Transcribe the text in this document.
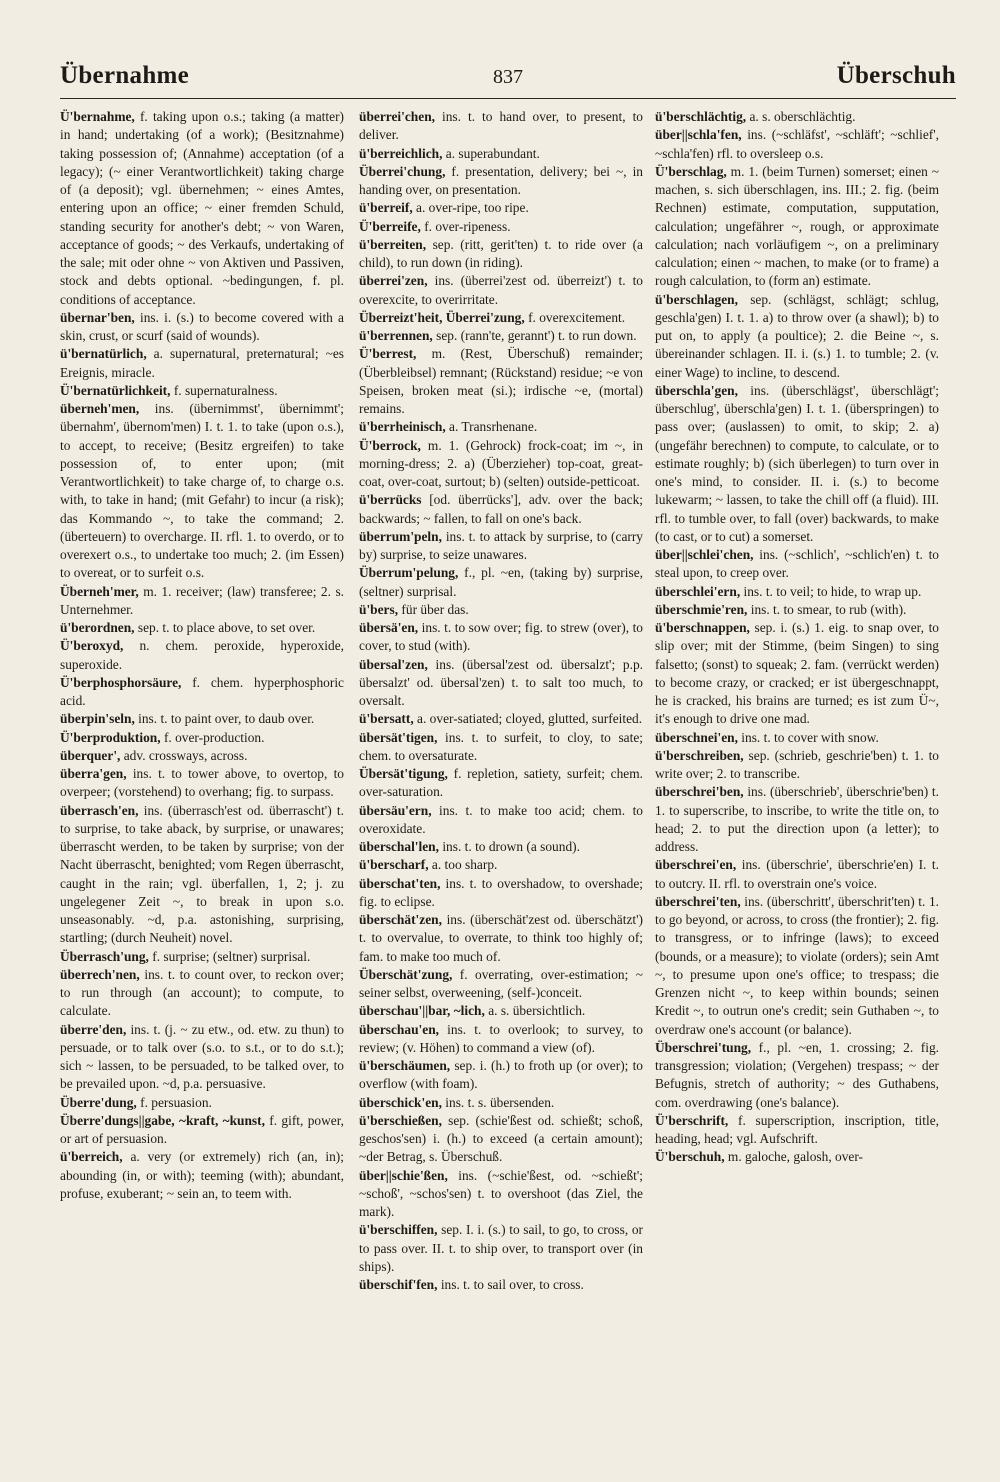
Übernahme	837	Überschuh

Ü'bernahme, f. taking upon o.s.; taking (a matter) in hand; undertaking (of a work); (Besitznahme) taking possession of; (Annahme) acceptation (of a legacy); (~ einer Verantwortlichkeit) taking charge of (a deposit); vgl. übernehmen; ~ eines Amtes, entering upon an office; ~ einer fremden Schuld, standing security for another's debt; ~ von Waren, acceptance of goods; ~ des Verkaufs, undertaking of the sale; mit oder ohne ~ von Aktiven und Passiven, stock and debts optional. ~bedingungen, f. pl. conditions of acceptance.

übernar'ben, ins. i. (s.) to become covered with a skin, crust, or scurf (said of wounds).

ü'bernatürlich, a. supernatural, preternatural; ~es Ereignis, miracle.

Ü'bernatürlichkeit, f. supernaturalness.

überneh'men, ins. (übernimmst', übernimmt'; übernahm', übernom'men) I. t. 1. to take (upon o.s.), to accept, to receive; (Besitz ergreifen) to take possession of, to enter upon; (mit Verantwortlichkeit) to take charge of, to charge o.s. with, to take in hand; (mit Gefahr) to incur (a risk); das Kommando ~, to take the command; 2. (überteuern) to overcharge. II. rfl. 1. to overdo, or to overexert o.s., to undertake too much; 2. (im Essen) to overeat, or to surfeit o.s.

Überneh'mer, m. 1. receiver; (law) transferee; 2. s. Unternehmer.

ü'berordnen, sep. t. to place above, to set over.

Ü'beroxyd, n. chem. peroxide, hyperoxide, superoxide.

Ü'berphosphorsäure, f. chem. hyperphosphoric acid.

überpin'seln, ins. t. to paint over, to daub over.

Ü'berproduktion, f. over-production.

überquer', adv. crossways, across.

überra'gen, ins. t. to tower above, to overtop, to overpeer; (vorstehend) to overhang; fig. to surpass.

überrasch'en, ins. (überrasch'est od. überrascht') t. to surprise, to take aback, by surprise, or unawares; überrascht werden, to be taken by surprise; von der Nacht überrascht, benighted; vom Regen überrascht, caught in the rain; vgl. überfallen, 1, 2; j. zu ungelegener Zeit ~, to break in upon s.o. unseasonably. ~d, p.a. astonishing, surprising, startling; (durch Neuheit) novel.

Überrasch'ung, f. surprise; (seltner) surprisal.

überrech'nen, ins. t. to count over, to reckon over; to run through (an account); to compute, to calculate.

überre'den, ins. t. (j. ~ zu etw., od. etw. zu thun) to persuade, or to talk over (s.o. to s.t., or to do s.t.); sich ~ lassen, to be persuaded, to be talked over, to be prevailed upon. ~d, p.a. persuasive.

Überre'dung, f. persuasion.

Überre'dungs||gabe, ~kraft, ~kunst, f. gift, power, or art of persuasion.

ü'berreich, a. very (or extremely) rich (an, in); abounding (in, or with); teeming (with); abundant, profuse, exuberant; ~ sein an, to teem with.

überrei'chen, ins. t. to hand over, to present, to deliver.

ü'berreichlich, a. superabundant.

Überrei'chung, f. presentation, delivery; bei ~, in handing over, on presentation.

ü'berreif, a. over-ripe, too ripe.

Ü'berreife, f. over-ripeness.

ü'berreiten, sep. (ritt, gerit'ten) t. to ride over (a child), to run down (in riding).

überrei'zen, ins. (überrei'zest od. überreizt') t. to overexcite, to overirritate.

Überreizt'heit, Überrei'zung, f. overexcitement.

ü'berrennen, sep. (rann'te, gerannt') t. to run down.

Ü'berrest, m. (Rest, Überschuß) remainder; (Überbleibsel) remnant; (Rückstand) residue; ~e von Speisen, broken meat (si.); irdische ~e, (mortal) remains.

ü'berrheinisch, a. Transrhenane.

Ü'berrock, m. 1. (Gehrock) frock-coat; im ~, in morning-dress; 2. a) (Überzieher) top-coat, great-coat, over-coat, surtout; b) (selten) outside-petticoat.

ü'berrücks [od. überrücks'], adv. over the back; backwards; ~ fallen, to fall on one's back.

überrum'peln, ins. t. to attack by surprise, to (carry by) surprise, to seize unawares.

Überrum'pelung, f., pl. ~en, (taking by) surprise, (seltner) surprisal.

ü'bers, für über das.

übersä'en, ins. t. to sow over; fig. to strew (over), to cover, to stud (with).

übersal'zen, ins. (übersal'zest od. übersalzt'; p.p. übersalzt' od. übersal'zen) t. to salt too much, to oversalt.

ü'bersatt, a. over-satiated; cloyed, glutted, surfeited.

übersät'tigen, ins. t. to surfeit, to cloy, to sate; chem. to oversaturate.

Übersät'tigung, f. repletion, satiety, surfeit; chem. over-saturation.

übersäu'ern, ins. t. to make too acid; chem. to overoxidate.

überschal'len, ins. t. to drown (a sound).

ü'berscharf, a. too sharp.

überschat'ten, ins. t. to overshadow, to overshade; fig. to eclipse.

überschät'zen, ins. (überschät'zest od. überschätzt') t. to overvalue, to overrate, to think too highly of; fam. to make too much of.

Überschät'zung, f. overrating, over-estimation; ~ seiner selbst, overweening, (self-)conceit.

überschau'||bar, ~lich, a. s. übersichtlich.

überschau'en, ins. t. to overlook; to survey, to review; (v. Höhen) to command a view (of).

ü'berschäumen, sep. i. (h.) to froth up (or over); to overflow (with foam).

überschick'en, ins. t. s. übersenden.

ü'berschießen, sep. (schie'ßest od. schießt; schoß, geschos'sen) i. (h.) to exceed (a certain amount); ~der Betrag, s. Überschuß.

über||schie'ßen, ins. (~schie'ßest, od. ~schießt'; ~schoß', ~schos'sen) t. to overshoot (das Ziel, the mark).

ü'berschiffen, sep. I. i. (s.) to sail, to go, to cross, or to pass over. II. t. to ship over, to transport over (in ships).

überschif'fen, ins. t. to sail over, to cross.

ü'berschlächtig, a. s. oberschlächtig.

über||schla'fen, ins. (~schläfst', ~schläft'; ~schlief', ~schla'fen) rfl. to oversleep o.s.

Ü'berschlag, m. 1. (beim Turnen) somerset; einen ~ machen, s. sich überschlagen, ins. III.; 2. fig. (beim Rechnen) estimate, computation, supputation, calculation; ungefährer ~, rough, or approximate calculation; nach vorläufigem ~, on a preliminary calculation; einen ~ machen, to make (or to frame) a rough calculation, to (form an) estimate.

ü'berschlagen, sep. (schlägst, schlägt; schlug, geschla'gen) I. t. 1. a) to throw over (a shawl); b) to put on, to apply (a poultice); 2. die Beine ~, s. übereinander schlagen. II. i. (s.) 1. to tumble; 2. (v. einer Wage) to incline, to descend.

überschla'gen, ins. (überschlägst', überschlägt'; überschlug', überschla'gen) I. t. 1. (überspringen) to pass over; (auslassen) to omit, to skip; 2. a) (ungefähr berechnen) to compute, to calculate, or to estimate roughly; b) (sich überlegen) to turn over in one's mind, to consider. II. i. (s.) to become lukewarm; ~ lassen, to take the chill off (a fluid). III. rfl. to tumble over, to fall (over) backwards, to make (to cast, or to cut) a somerset.

über||schlei'chen, ins. (~schlich', ~schlich'en) t. to steal upon, to creep over.

überschlei'ern, ins. t. to veil; to hide, to wrap up.

überschmie'ren, ins. t. to smear, to rub (with).

ü'berschnappen, sep. i. (s.) 1. eig. to snap over, to slip over; mit der Stimme, (beim Singen) to sing falsetto; (sonst) to squeak; 2. fam. (verrückt werden) to become crazy, or cracked; er ist übergeschnappt, he is cracked, his brains are turned; es ist zum Ü~, it's enough to drive one mad.

überschnei'en, ins. t. to cover with snow.

ü'berschreiben, sep. (schrieb, geschrie'ben) t. 1. to write over; 2. to transcribe.

überschrei'ben, ins. (überschrieb', überschrie'ben) t. 1. to superscribe, to inscribe, to write the title on, to head; 2. to put the direction upon (a letter); to address.

überschrei'en, ins. (überschrie', überschrie'en) I. t. to outcry. II. rfl. to overstrain one's voice.

überschrei'ten, ins. (überschritt', überschrit'ten) t. 1. to go beyond, or across, to cross (the frontier); 2. fig. to transgress, or to infringe (laws); to exceed (bounds, or a measure); to violate (orders); sein Amt ~, to presume upon one's office; to trespass; die Grenzen nicht ~, to keep within bounds; seinen Kredit ~, to outrun one's credit; sein Guthaben ~, to overdraw one's account (or balance).

Überschrei'tung, f., pl. ~en, 1. crossing; 2. fig. transgression; violation; (Vergehen) trespass; ~ der Befugnis, stretch of authority; ~ des Guthabens, com. overdrawing (one's balance).

Ü'berschrift, f. superscription, inscription, title, heading, head; vgl. Aufschrift.

Ü'berschuh, m. galoche, galosh, over-
